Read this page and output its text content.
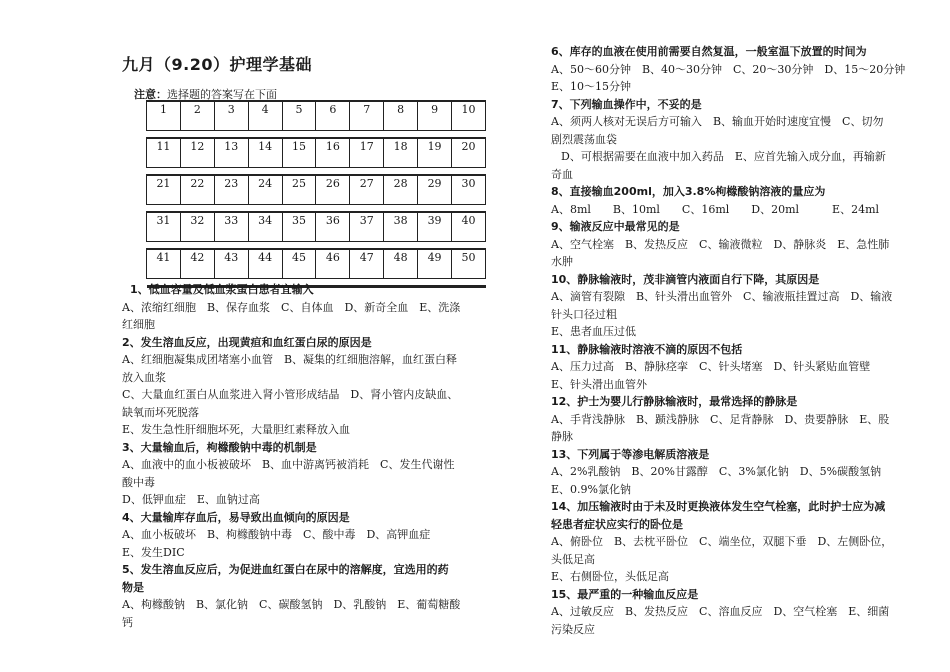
九月（9.20）护理学基础
注意：选择题的答案写在下面
1	2	3	4	5	6	7	8	9	10

11	12	13	14	15	16	17	18	19	20

21	22	23	24	25	26	27	28	29	30

31	32	33	34	35	36	37	38	39	40

41	42	43	44	45	46	47	48	49	50

1、低血容量及低血浆蛋白患者宜输入
A、浓缩红细胞　B、保存血浆　C、自体血　D、新奇全血　E、洗涤
红细胞
2、发生溶血反应，出现黄疸和血红蛋白尿的原因是
A、红细胞凝集成团堵塞小血管　B、凝集的红细胞溶解，血红蛋白释
放入血浆
C、大量血红蛋白从血浆进入肾小管形成结晶　D、肾小管内皮缺血、
缺氧而坏死脱落
E、发生急性肝细胞坏死，大量胆红素释放入血
3、大量输血后，枸橼酸钠中毒的机制是
A、血液中的血小板被破坏　B、血中游离钙被消耗　C、发生代谢性
酸中毒
D、低钾血症　E、血钠过高
4、大量输库存血后，易导致出血倾向的原因是
A、血小板破坏　B、枸橼酸钠中毒　C、酸中毒　D、高钾血症
E、发生DIC
5、发生溶血反应后，为促进血红蛋白在尿中的溶解度，宜选用的药
物是
A、枸橼酸钠　B、氯化钠　C、碳酸氢钠　D、乳酸钠　E、葡萄糖酸
钙
6、库存的血液在使用前需要自然复温，一般室温下放置的时间为
A、50～60分钟　B、40～30分钟　C、20～30分钟　D、15～20分钟
E、10～15分钟
7、下列输血操作中，不妥的是
A、须两人核对无误后方可输入　B、输血开始时速度宜慢　C、切勿
剧烈震荡血袋
D、可根据需要在血液中加入药品　E、应首先输入成分血，再输新
奇血
8、直接输血200ml，加入3.8%枸橼酸钠溶液的量应为
A、8ml　　B、10ml　　C、16ml　　D、20ml　　　E、24ml
9、输液反应中最常见的是
A、空气栓塞　B、发热反应　C、输液微粒　D、静脉炎　E、急性肺
水肿
10、静脉输液时，茂非滴管内液面自行下降，其原因是
A、滴管有裂隙　B、针头滑出血管外　C、输液瓶挂置过高　D、输液
针头口径过粗
E、患者血压过低
11、静脉输液时溶液不滴的原因不包括
A、压力过高　B、静脉痉挛　C、针头堵塞　D、针头紧贴血管壁
E、针头滑出血管外
12、护士为婴儿行静脉输液时，最常选择的静脉是
A、手背浅静脉　B、踬浅静脉　C、足背静脉　D、贵要静脉　E、股
静脉
13、下列属于等渗电解质溶液是
A、2%乳酸钠　B、20%甘露醇　C、3%氯化钠　D、5%碳酸氢钠
E、0.9%氯化钠
14、加压输液时由于未及时更换液体发生空气栓塞，此时护士应为减
轻患者症状应实行的卧位是
A、俯卧位　B、去枕平卧位　C、端坐位，双腿下垂　D、左侧卧位，
头低足高
E、右侧卧位，头低足高
15、最严重的一种输血反应是
A、过敏反应　B、发热反应　C、溶血反应　D、空气栓塞　E、细菌
污染反应
